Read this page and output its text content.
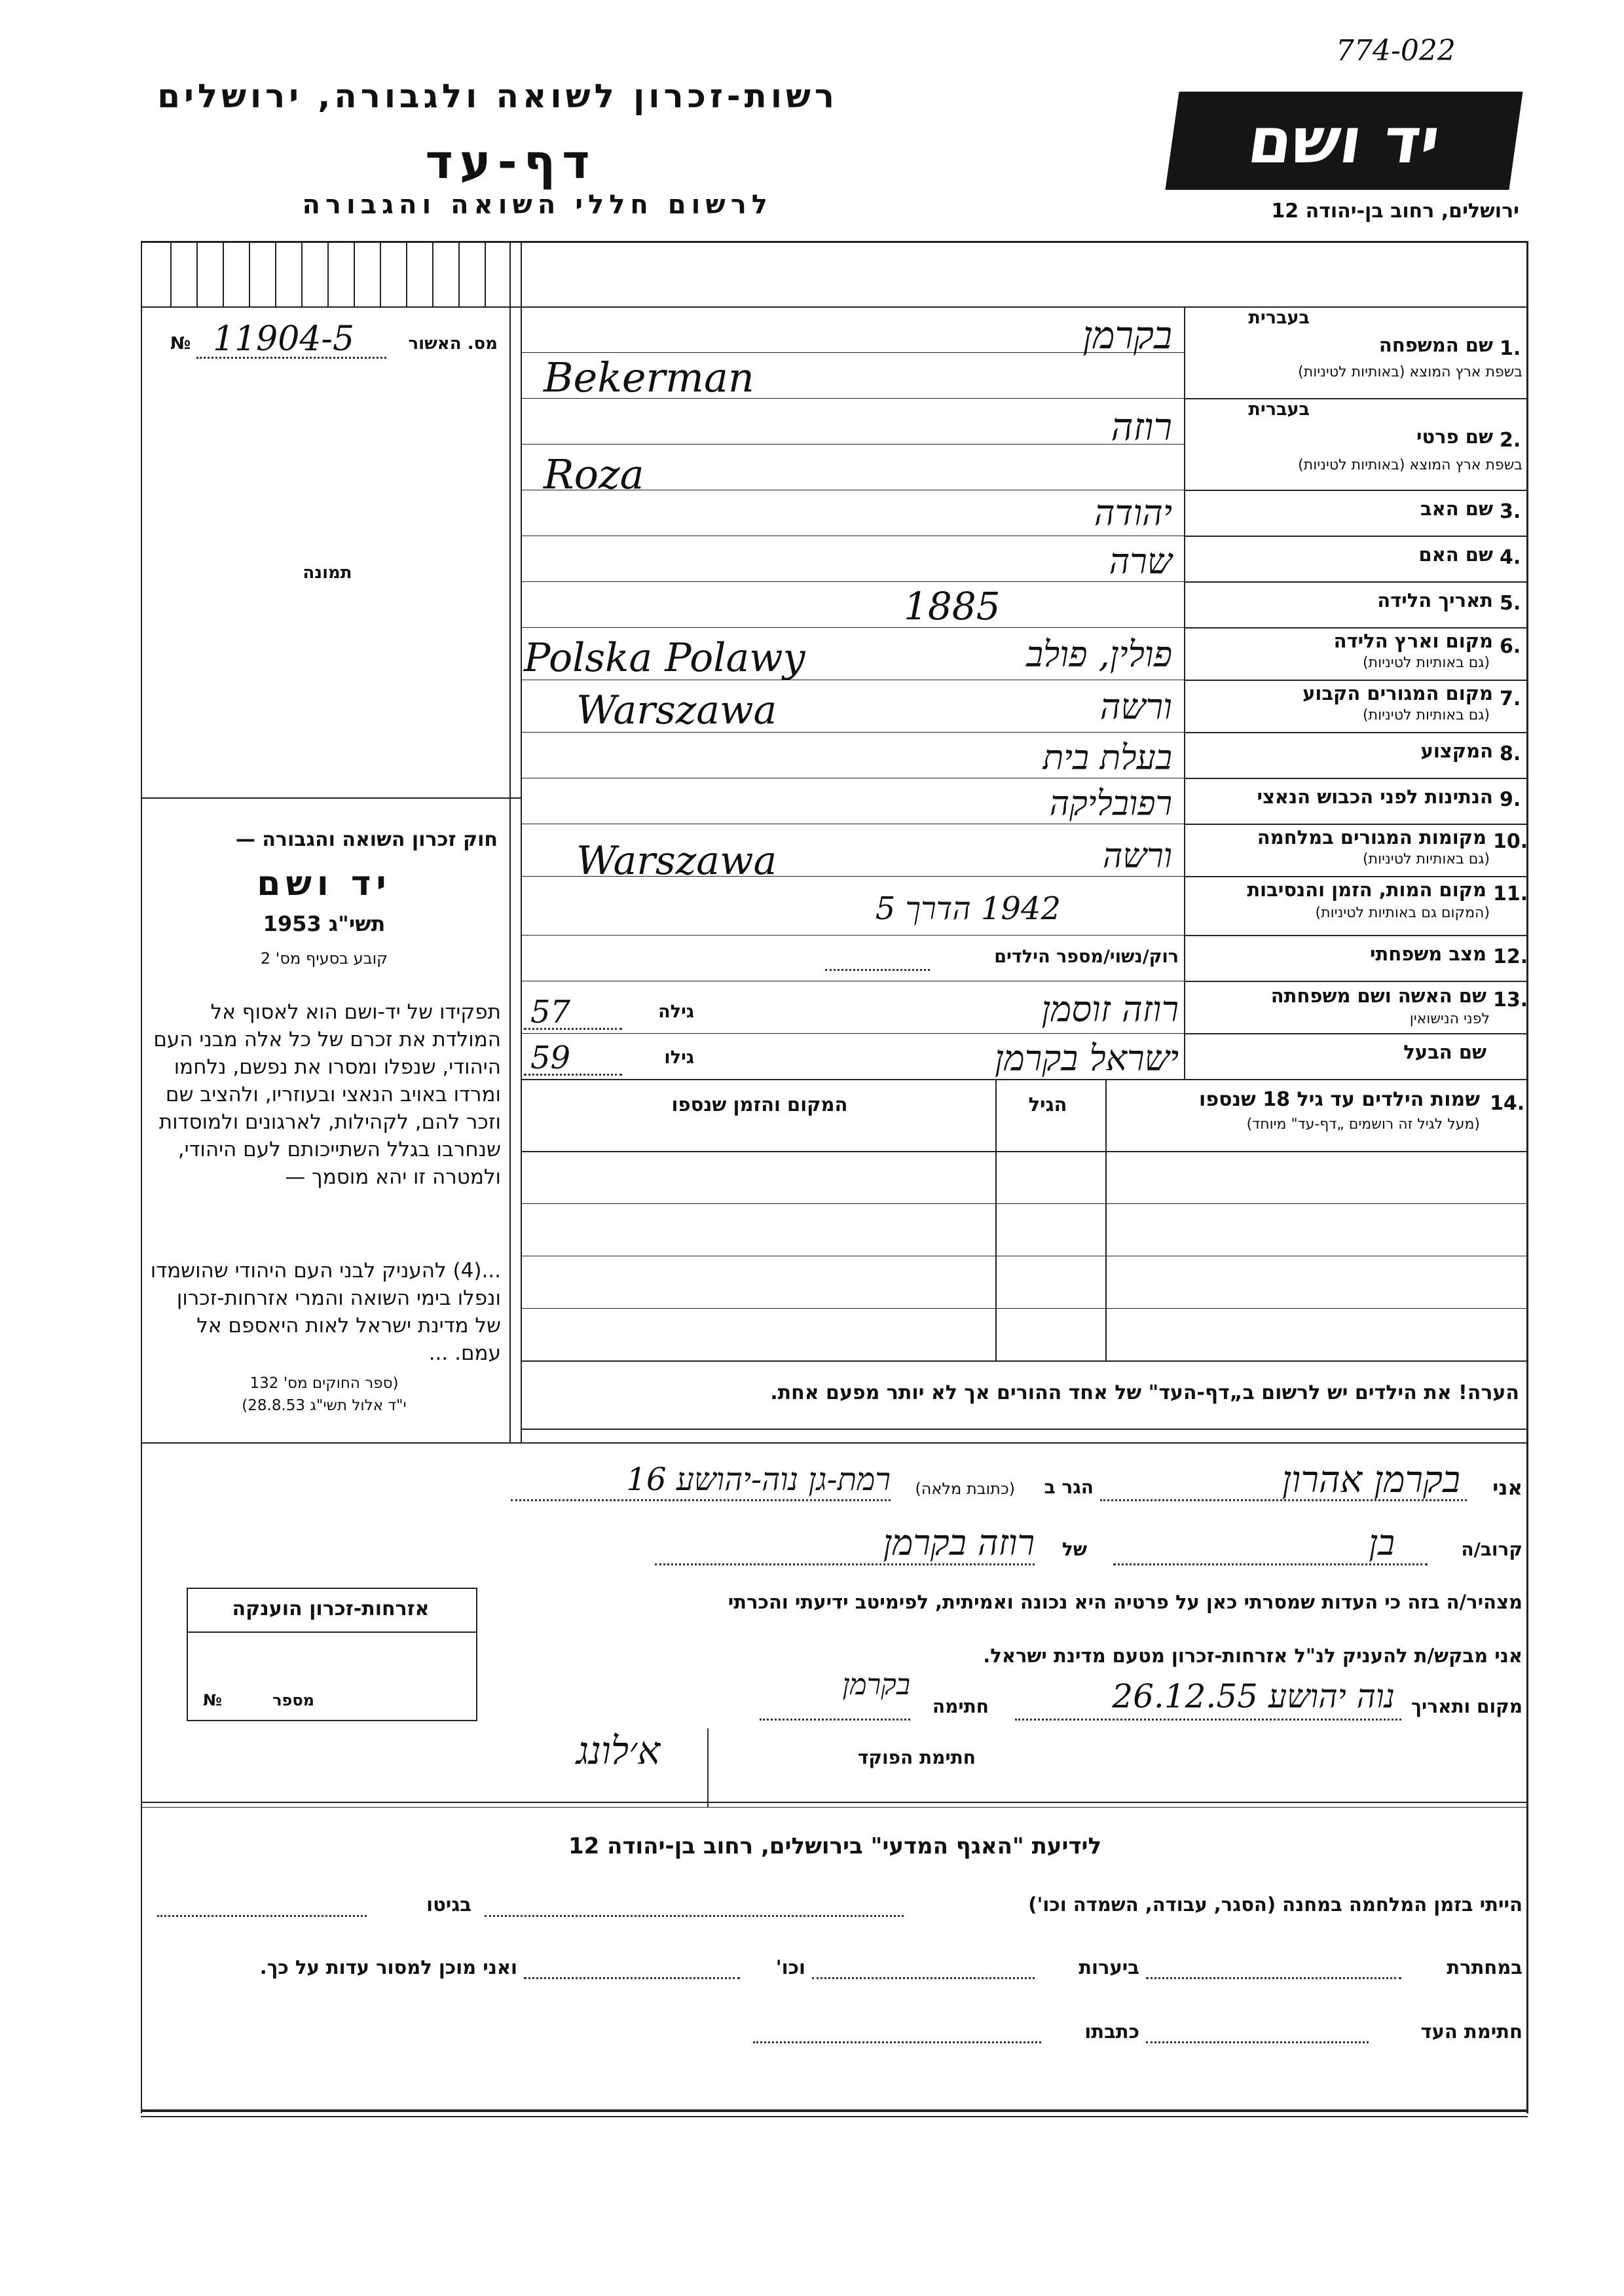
774-022
רשות-זכרון לשואה ולגבורה, ירושלים
דף-עד
לרשום חללי השואה והגבורה
יד ושם
ירושלים, רחוב בן-יהודה 12
מס. האשור
№ 11904-5
תמונה
1.
שם המשפחה
בשפת ארץ המוצא (באותיות לטיניות)
בעברית
2.
שם פרטי
בשפת ארץ המוצא (באותיות לטיניות)
בעברית
3.
שם האב
4.
שם האם
5.
תאריך הלידה
6.
מקום וארץ הלידה
(גם באותיות לטיניות)
7.
מקום המגורים הקבוע
(גם באותיות לטיניות)
8.
המקצוע
9.
הנתינות לפני הכבוש הנאצי
10.
מקומות המגורים במלחמה
(גם באותיות לטיניות)
11.
מקום המות, הזמן והנסיבות
(המקום גם באותיות לטיניות)
12.
מצב משפחתי
13.
שם האשה ושם משפחתה
לפני הנישואין
שם הבעל
בקרמן
Bekerman
רוזה
Roza
יהודה
שרה
1885
פולין, פולב
Polska Polawy
ורשה
Warszawa
בעלת בית
רפובליקה
ורשה
Warszawa
1942 הדרך 5
רוק/נשוי/מספר הילדים
רוזה זוסמן
גילה
57
ישראל בקרמן
גילו
59
14.
שמות הילדים עד גיל 18 שנספו
(מעל לגיל זה רושמים „דף-עד" מיוחד)
הגיל
המקום והזמן שנספו
הערה! את הילדים יש לרשום ב„דף-העד" של אחד ההורים אך לא יותר מפעם אחת.
חוק זכרון השואה והגבורה —
יד ושם
תשי"ג 1953
קובע בסעיף מס' 2
תפקידו של יד-ושם הוא לאסוף אל המולדת את זכרם של כל אלה מבני העם היהודי, שנפלו ומסרו את נפשם, נלחמו ומרדו באויב הנאצי ובעוזריו, ולהציב שם וזכר להם, לקהילות, לארגונים ולמוסדות שנחרבו בגלל השתייכותם לעם היהודי, ולמטרה זו יהא מוסמך —
...(4) להעניק לבני העם היהודי שהושמדו ונפלו בימי השואה והמרי אזרחות-זכרון של מדינת ישראל לאות היאספם אל עמם. ...
(ספר החוקים מס' 132
י"ד אלול תשי"ג 28.8.53)
אזרחות-זכרון הוענקה
מספר
№
אני
בקרמן אהרון
הגר ב
(כתובת מלאה)
רמת-גן נוה-יהושע 16
קרוב/ה
בן
של
רוזה בקרמן
מצהיר/ה בזה כי העדות שמסרתי כאן על פרטיה היא נכונה ואמיתית, לפימיטב ידיעתי והכרתי
אני מבקש/ת להעניק לנ"ל אזרחות-זכרון מטעם מדינת ישראל.
מקום ותאריך
נוה יהושע 26.12.55
חתימה
בקרמן
חתימת הפוקד
א׳לונג
לידיעת "האגף המדעי" בירושלים, רחוב בן-יהודה 12
הייתי בזמן המלחמה במחנה (הסגר, עבודה, השמדה וכו')
בגיטו
במחתרת
ביערות
וכו'
ואני מוכן למסור עדות על כך.
חתימת העד
כתבתו
